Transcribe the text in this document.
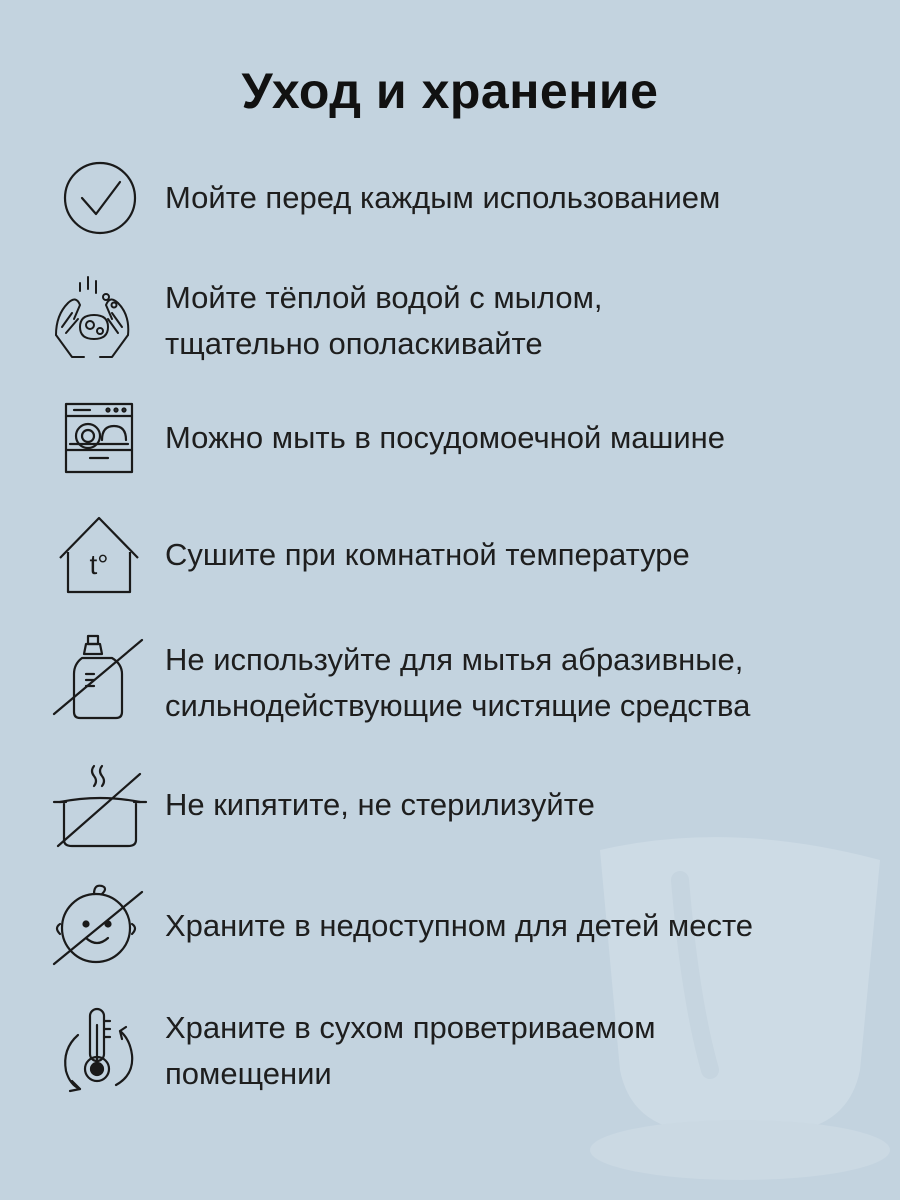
Уход и хранение
Мойте перед каждым использованием
Мойте тёплой водой с мылом,
тщательно ополаскивайте
Можно мыть в посудомоечной машине
t° Сушите при комнатной температуре
Не используйте для мытья абразивные,
сильнодействующие чистящие средства
Не кипятите, не стерилизуйте
Храните в недоступном для детей месте
Храните в сухом проветриваемом
помещении
